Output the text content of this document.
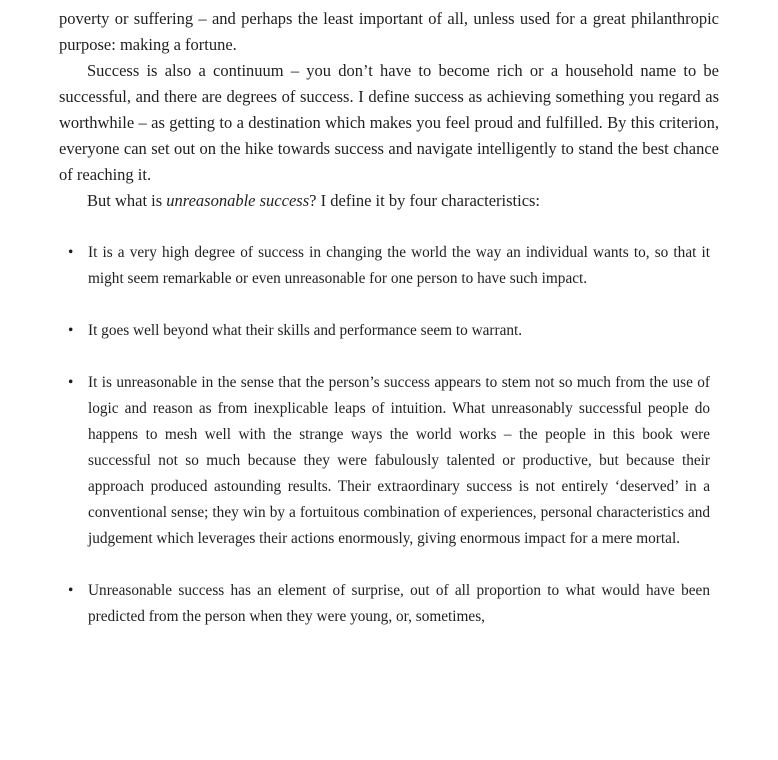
poverty or suffering – and perhaps the least important of all, unless used for a great philanthropic purpose: making a fortune.

Success is also a continuum – you don’t have to become rich or a household name to be successful, and there are degrees of success. I define success as achieving something you regard as worthwhile – as getting to a destination which makes you feel proud and fulfilled. By this criterion, everyone can set out on the hike towards success and navigate intelligently to stand the best chance of reaching it.

But what is unreasonable success? I define it by four characteristics:

• It is a very high degree of success in changing the world the way an individual wants to, so that it might seem remarkable or even unreasonable for one person to have such impact.
• It goes well beyond what their skills and performance seem to warrant.
• It is unreasonable in the sense that the person’s success appears to stem not so much from the use of logic and reason as from inexplicable leaps of intuition. What unreasonably successful people do happens to mesh well with the strange ways the world works – the people in this book were successful not so much because they were fabulously talented or productive, but because their approach produced astounding results. Their extraordinary success is not entirely ‘deserved’ in a conventional sense; they win by a fortuitous combination of experiences, personal characteristics and judgement which leverages their actions enormously, giving enormous impact for a mere mortal.
• Unreasonable success has an element of surprise, out of all proportion to what would have been predicted from the person when they were young, or, sometimes,
